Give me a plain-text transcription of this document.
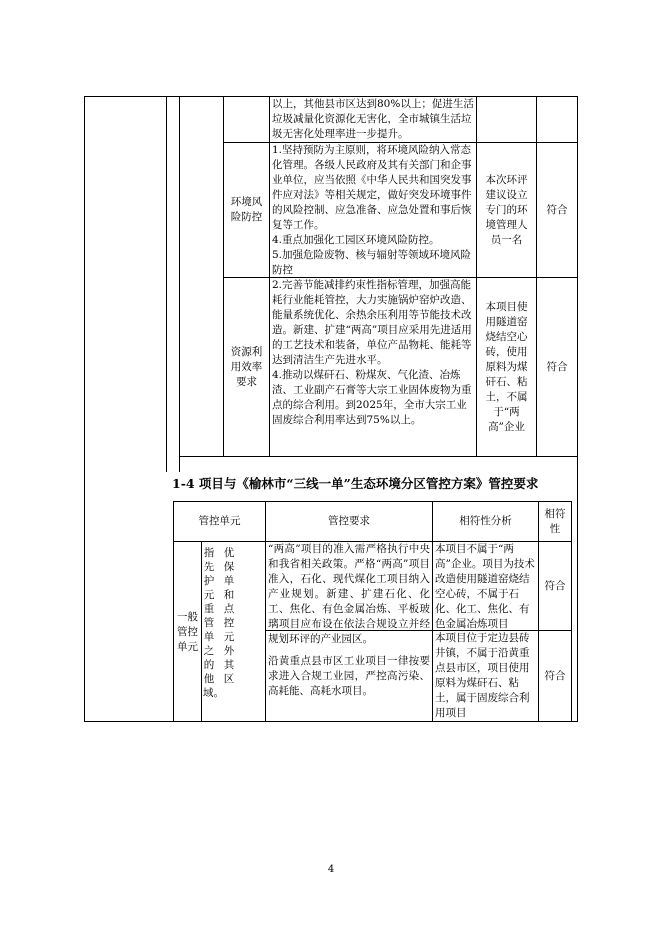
以上，其他县市区达到80%以上；促进生活垃圾减量化资源化无害化，全市城镇生活垃圾无害化处理率进一步提升。
环境风险防控
1.坚持预防为主原则，将环境风险纳入常态化管理。各级人民政府及其有关部门和企事业单位，应当依照《中华人民共和国突发事件应对法》等相关规定，做好突发环境事件的风险控制、应急准备、应急处置和事后恢复等工作。
4.重点加强化工园区环境风险防控。
5.加强危险废物、核与辐射等领域环境风险防控
本次环评建议设立专门的环境管理人员一名
符合
资源利用效率要求
2.完善节能减排约束性指标管理，加强高能耗行业能耗管控，大力实施锅炉窑炉改造、能量系统优化、余热余压利用等节能技术改造。新建、扩建“两高”项目应采用先进适用的工艺技术和装备，单位产品物耗、能耗等达到清洁生产先进水平。
4.推动以煤矸石、粉煤灰、气化渣、冶炼渣、工业副产石膏等大宗工业固体废物为重点的综合利用。到2025年，全市大宗工业固废综合利用率达到75%以上。
本项目使用隧道窑烧结空心砖，使用原料为煤矸石、粘土，不属于“两高”企业
符合
1-4 项目与《榆林市“三线一单”生态环境分区管控方案》管控要求
管控单元	管控要求	相符性分析
相符性
一般管控单元
指先护元重管单之的他域。
优保单和点控元外其区
“两高”项目的准入需严格执行中央和我省相关政策。严格“两高”项目准入，石化、现代煤化工项目纳入产业规划。新建、扩建石化、化工、焦化、有色金属冶炼、平板玻璃项目应布设在依法合规设立并经规划环评的产业园区。
本项目不属于“两高”企业。项目为技术改造使用隧道窑烧结空心砖，不属于石化、化工、焦化、有色金属冶炼项目
符合
沿黄重点县市区工业项目一律按要求进入合规工业园，严控高污染、高耗能、高耗水项目。
本项目位于定边县砖井镇，不属于沿黄重点县市区，项目使用原料为煤矸石、粘土，属于固废综合利用项目
符合
4
